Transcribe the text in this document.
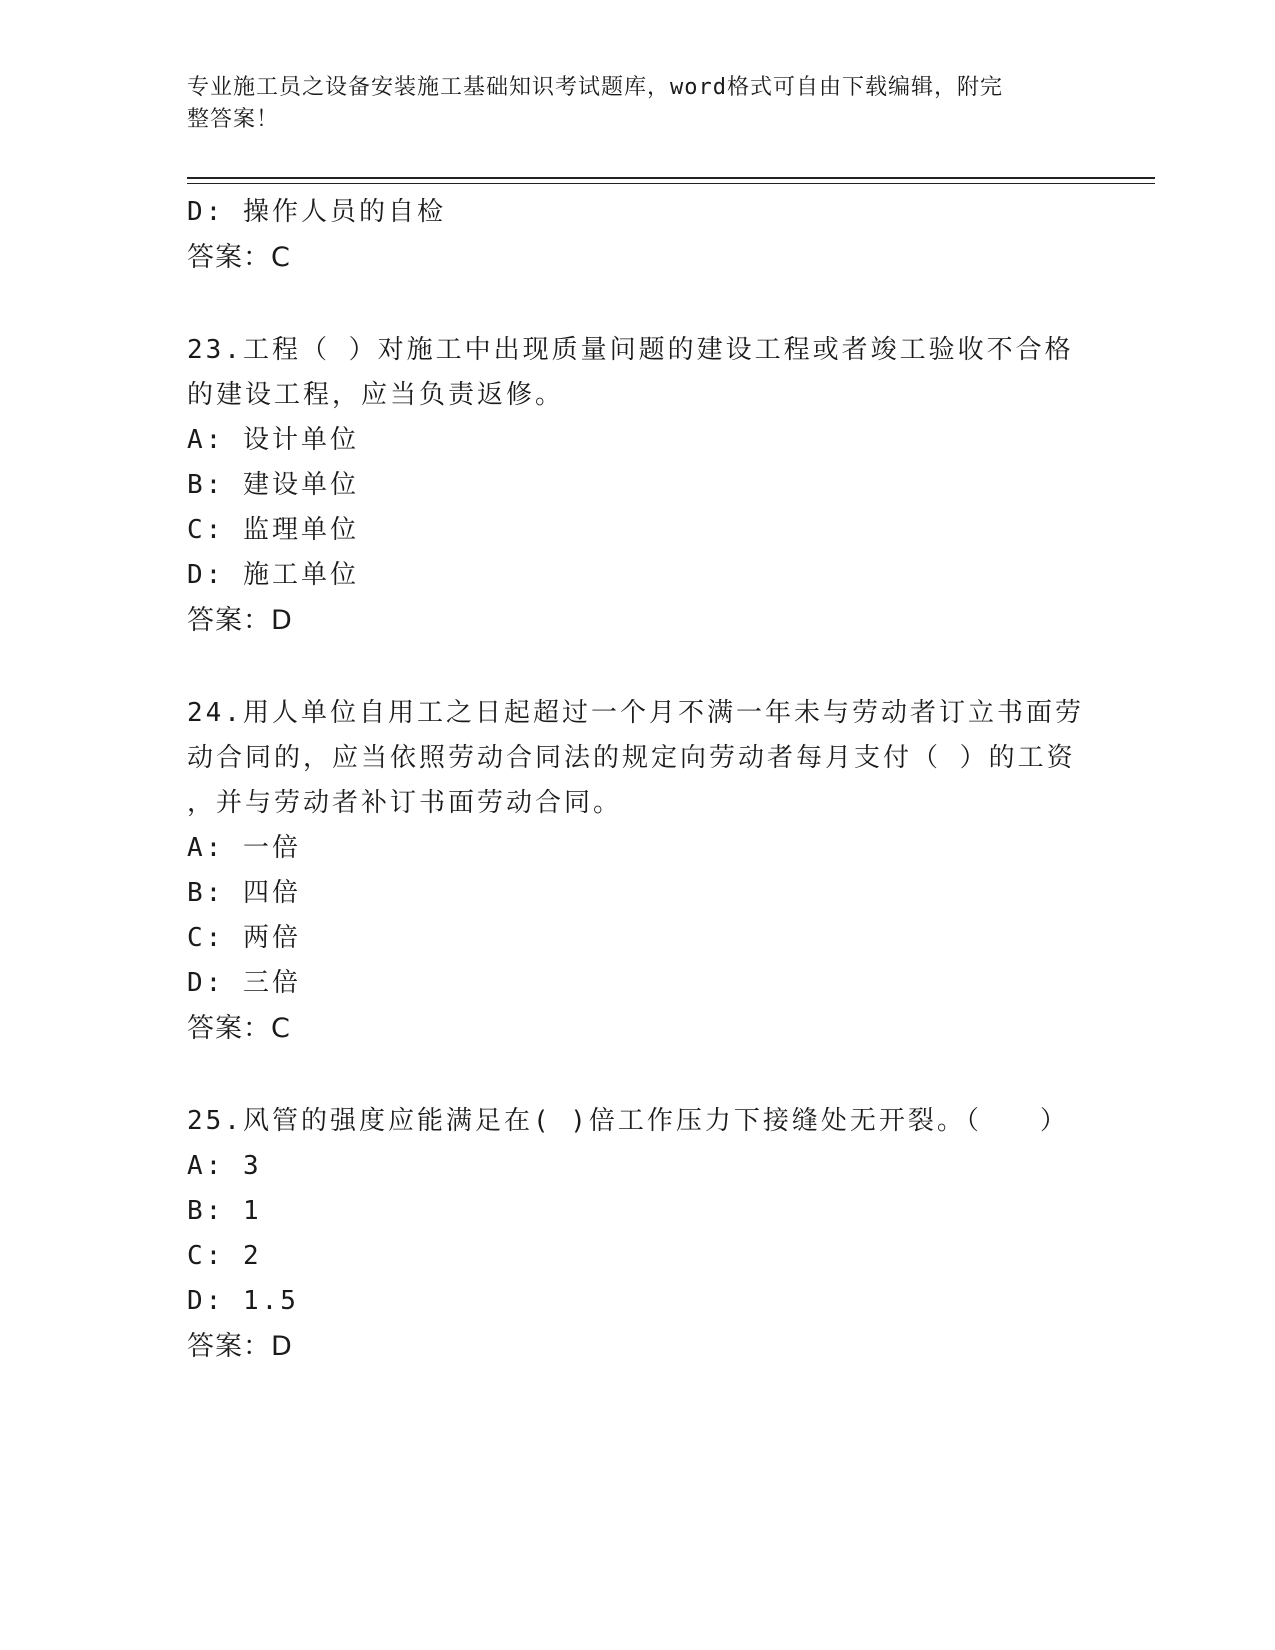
专业施工员之设备安装施工基础知识考试题库，word格式可自由下载编辑，附完
整答案！
D: 操作人员的自检
答案：C
23.工程（ ）对施工中出现质量问题的建设工程或者竣工验收不合格
的建设工程，应当负责返修。
A: 设计单位
B: 建设单位
C: 监理单位
D: 施工单位
答案：D
24.用人单位自用工之日起超过一个月不满一年未与劳动者订立书面劳
动合同的，应当依照劳动合同法的规定向劳动者每月支付（ ）的工资
，并与劳动者补订书面劳动合同。
A: 一倍
B: 四倍
C: 两倍
D: 三倍
答案：C
25.风管的强度应能满足在( )倍工作压力下接缝处无开裂。（　　）
A: 3
B: 1
C: 2
D: 1.5
答案：D
